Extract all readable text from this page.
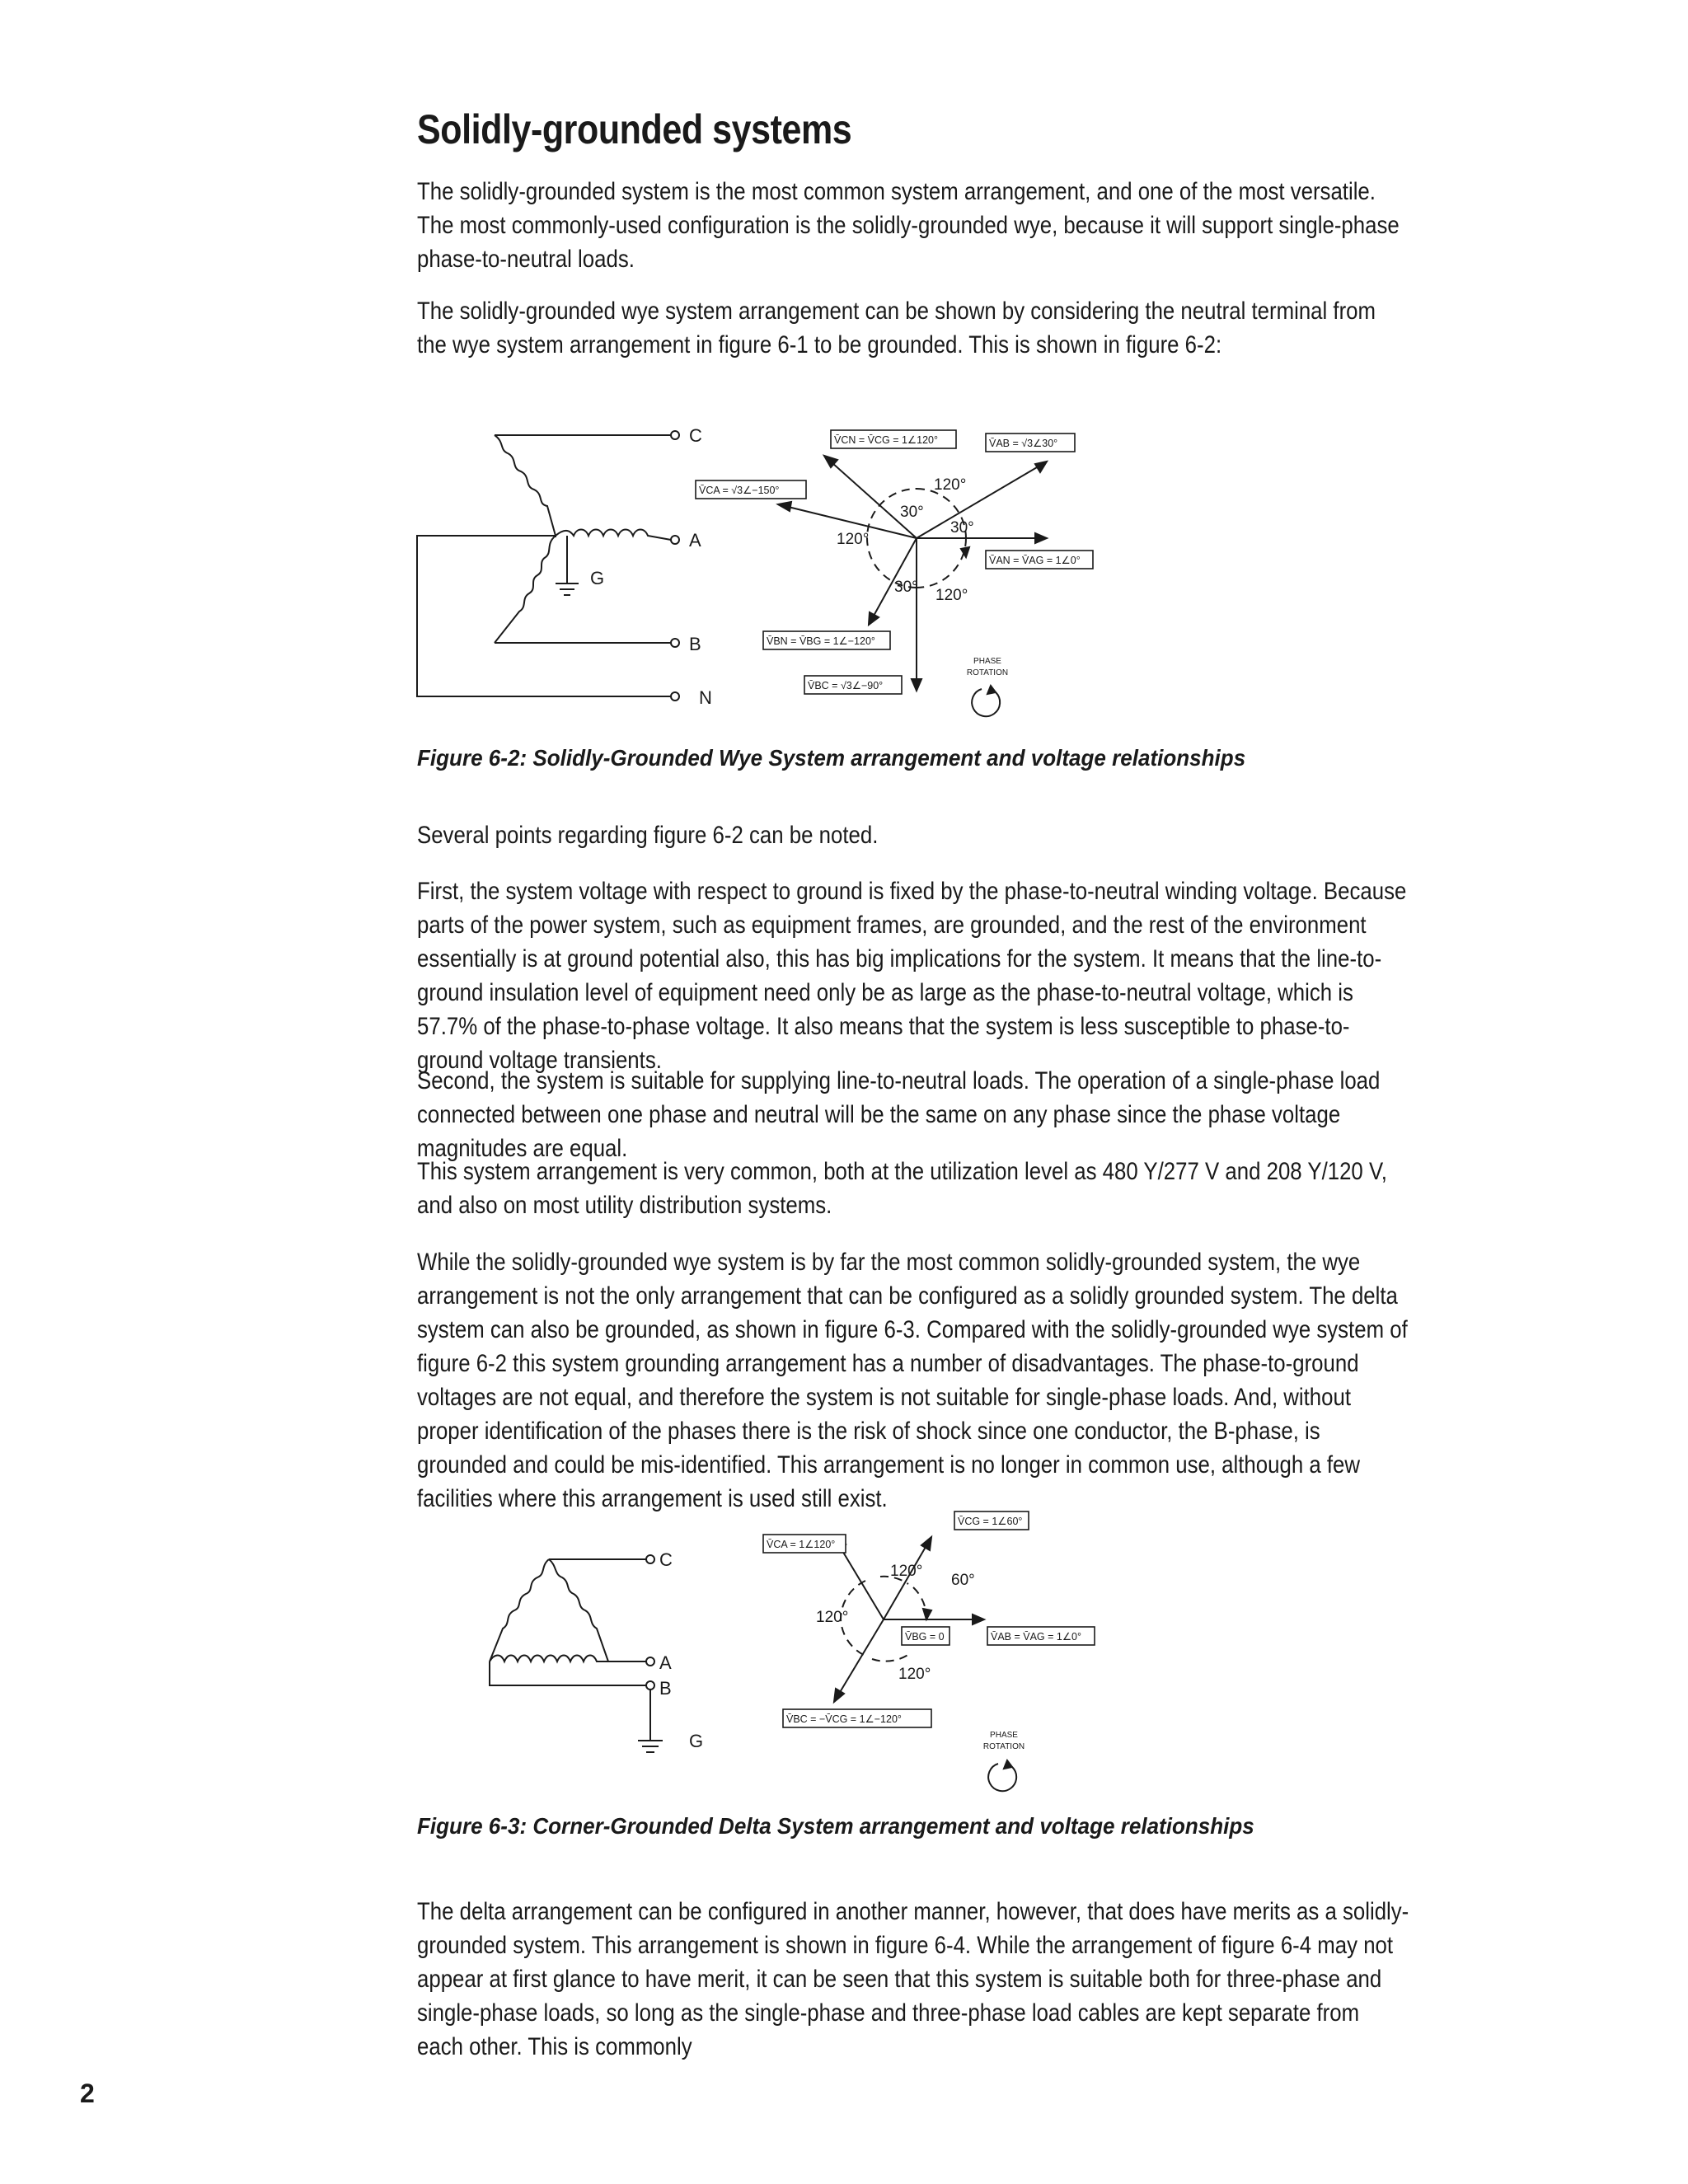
Solidly-grounded systems

The solidly-grounded system is the most common system arrangement, and one of the most versatile. The most commonly-used configuration is the solidly-grounded wye, because it will support single-phase phase-to-neutral loads.

The solidly-grounded wye system arrangement can be shown by considering the neutral terminal from the wye system arrangement in figure 6-1 to be grounded. This is shown in figure 6-2:

C
A
B
N
G
120°
30°
30°
120°
30° 120°
V̄CN = V̄CG = 1∠120°	V̄AB = √3∠30°
V̄CA = √3∠−150°
V̄AN = V̄AG = 1∠0°
V̄BN = V̄BG = 1∠−120°
V̄BC = √3∠−90°
PHASE
ROTATION

Figure 6-2: Solidly-Grounded Wye System arrangement and voltage relationships

Several points regarding figure 6-2 can be noted.

First, the system voltage with respect to ground is fixed by the phase-to-neutral winding voltage. Because parts of the power system, such as equipment frames, are grounded, and the rest of the environment essentially is at ground potential also, this has big implications for the system. It means that the line-to-ground insulation level of equipment need only be as large as the phase-to-neutral voltage, which is 57.7% of the phase-to-phase voltage. It also means that the system is less susceptible to phase-to-ground voltage transients.

Second, the system is suitable for supplying line-to-neutral loads. The operation of a single-phase load connected between one phase and neutral will be the same on any phase since the phase voltage magnitudes are equal.

This system arrangement is very common, both at the utilization level as 480 Y/277 V and 208 Y/120 V, and also on most utility distribution systems.

While the solidly-grounded wye system is by far the most common solidly-grounded system, the wye arrangement is not the only arrangement that can be configured as a solidly grounded system. The delta system can also be grounded, as shown in figure 6-3. Compared with the solidly-grounded wye system of figure 6-2 this system grounding arrangement has a number of disadvantages. The phase-to-ground voltages are not equal, and therefore the system is not suitable for single-phase loads. And, without proper identification of the phases there is the risk of shock since one conductor, the B-phase, is grounded and could be mis-identified. This arrangement is no longer in common use, although a few facilities where this arrangement is used still exist.

C
A
B
G
120°
60°
120°
120°
V̄CA = 1∠120°
V̄CG = 1∠60°
V̄BG = 0	V̄AB = V̄AG = 1∠0°
V̄BC = −V̄CG = 1∠−120°
PHASE
ROTATION

Figure 6-3: Corner-Grounded Delta System arrangement and voltage relationships

The delta arrangement can be configured in another manner, however, that does have merits as a solidly-grounded system. This arrangement is shown in figure 6-4. While the arrangement of figure 6-4 may not appear at first glance to have merit, it can be seen that this system is suitable both for three-phase and single-phase loads, so long as the single-phase and three-phase load cables are kept separate from each other. This is commonly

2
